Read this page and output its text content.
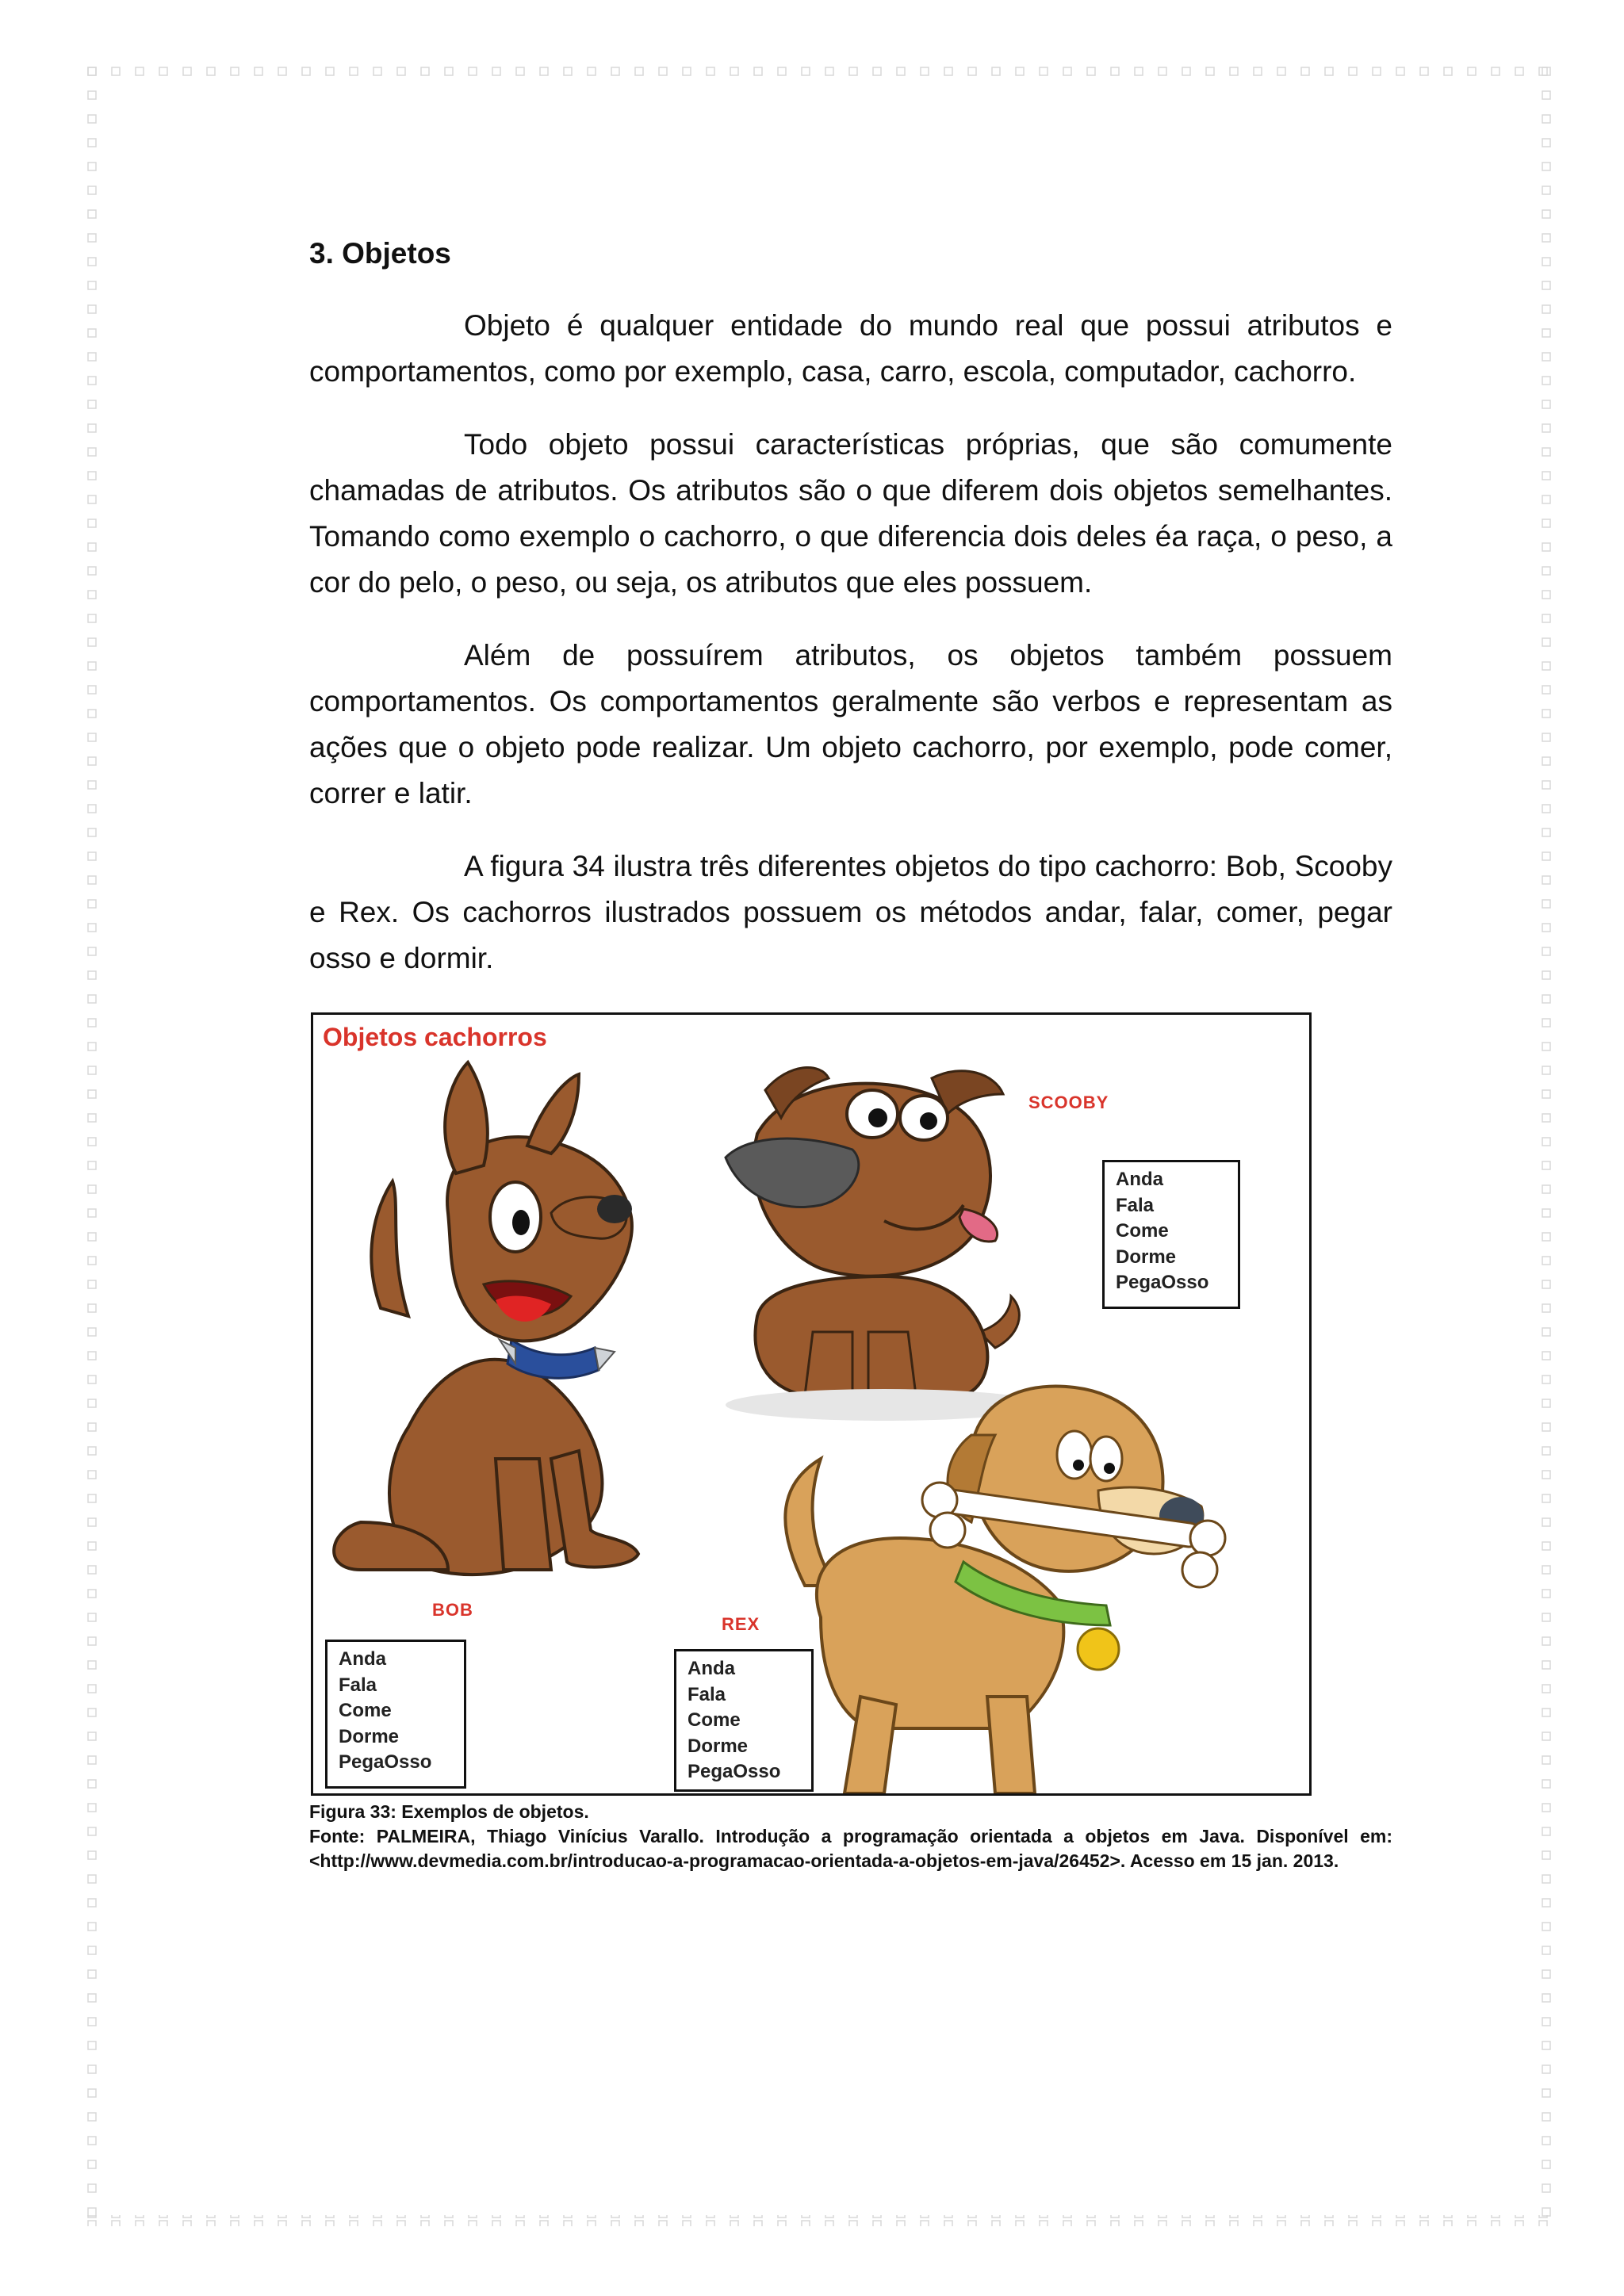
3. Objetos

Objeto é qualquer entidade do mundo real que possui atributos e comportamentos, como por exemplo, casa, carro, escola, computador, cachorro.

Todo objeto possui características próprias, que são comumente chamadas de atributos. Os atributos são o que diferem dois objetos semelhantes. Tomando como exemplo o cachorro, o que diferencia dois deles éa raça, o peso, a cor do pelo, o peso, ou seja, os atributos que eles possuem.

Além de possuírem atributos, os objetos também possuem comportamentos. Os comportamentos geralmente são verbos e representam as ações que o objeto pode realizar. Um objeto cachorro, por exemplo, pode comer, correr e latir.

A figura 34 ilustra três diferentes objetos do tipo cachorro: Bob, Scooby e Rex. Os cachorros ilustrados possuem os métodos andar, falar, comer, pegar osso e dormir.

Objetos cachorros
SCOOBY
Anda
Fala
Come
Dorme
PegaOsso
BOB
Anda
Fala
Come
Dorme
PegaOsso
REX
Anda
Fala
Come
Dorme
PegaOsso

Figura 33: Exemplos de objetos.

Fonte: PALMEIRA, Thiago Vinícius Varallo. Introdução a programação orientada a objetos em Java. Disponível em: <http://www.devmedia.com.br/introducao-a-programacao-orientada-a-objetos-em-java/26452>. Acesso em 15 jan. 2013.
